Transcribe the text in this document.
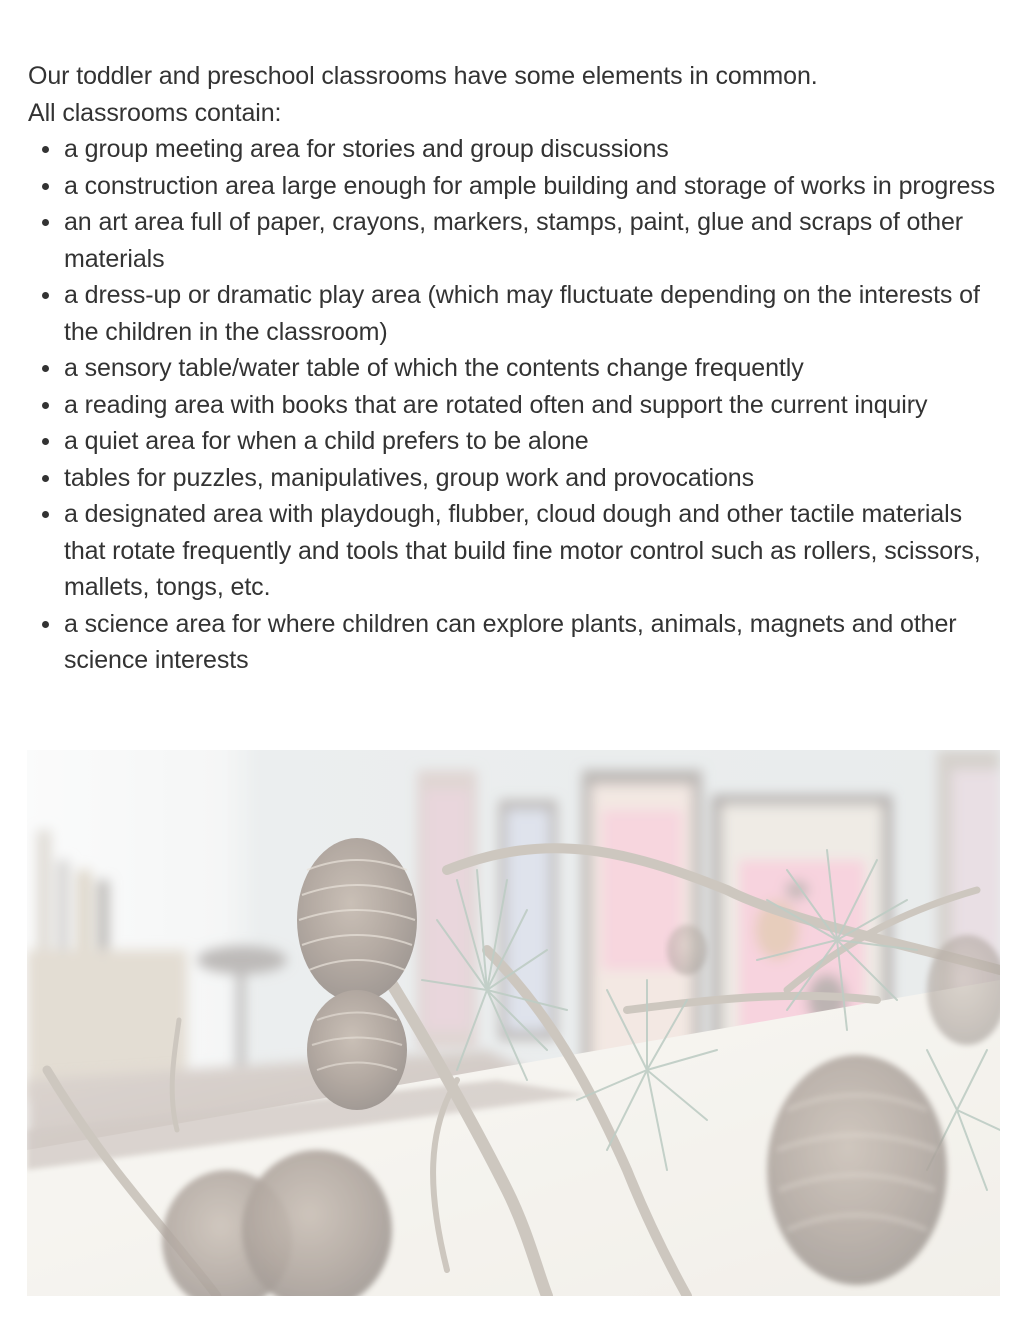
Our toddler and preschool classrooms have some elements in common.

All classrooms contain:

a group meeting area for stories and group discussions
a construction area large enough for ample building and storage of works in progress
an art area full of paper, crayons, markers, stamps, paint, glue and scraps of other materials
a dress-up or dramatic play area (which may fluctuate depending on the interests of the children in the classroom)
a sensory table/water table of which the contents change frequently
a reading area with books that are rotated often and support the current inquiry
a quiet area for when a child prefers to be alone
tables for puzzles, manipulatives, group work and provocations
a designated area with playdough, flubber, cloud dough and other tactile materials that rotate frequently and tools that build fine motor control such as rollers, scissors, mallets, tongs, etc.
a science area for where children can explore plants, animals, magnets and other science interests
